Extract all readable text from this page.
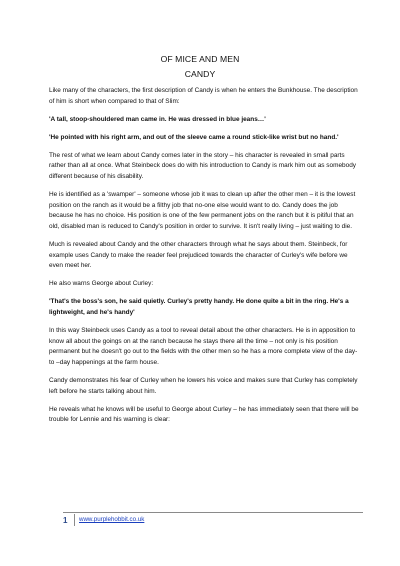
OF MICE AND MEN
CANDY

Like many of the characters, the first description of Candy is when he enters the Bunkhouse. The description of him is short when compared to that of Slim:

'A tall, stoop-shouldered man came in. He was dressed in blue jeans…'

'He pointed with his right arm, and out of the sleeve came a round stick-like wrist but no hand.'

The rest of what we learn about Candy comes later in the story – his character is revealed in small parts rather than all at once. What Steinbeck does do with his introduction to Candy is mark him out as somebody different because of his disability.

He is identified as a 'swamper' – someone whose job it was to clean up after the other men – it is the lowest position on the ranch as it would be a filthy job that no-one else would want to do. Candy does the job because he has no choice. His position is one of the few permanent jobs on the ranch but it is pitiful that an old, disabled man is reduced to Candy's position in order to survive. It isn't really living – just waiting to die.

Much is revealed about Candy and the other characters through what he says about them. Steinbeck, for example uses Candy to make the reader feel prejudiced towards the character of Curley's wife before we even meet her.

He also warns George about Curley:

'That's the boss's son, he said quietly. Curley's pretty handy. He done quite a bit in the ring. He's a lightweight, and he's handy'

In this way Steinbeck uses Candy as a tool to reveal detail about the other characters. He is in apposition to know all about the goings on at the ranch because he stays there all the time – not only is his position permanent but he doesn't go out to the fields with the other men so he has a more complete view of the day- to –day happenings at the farm house.

Candy demonstrates his fear of Curley when he lowers his voice and makes sure that Curley has completely left before he starts talking about him.

He reveals what he knows will be useful to George about Curley – he has immediately seen that there will be trouble for Lennie and his warning is clear:

1 www.purplehobbit.co.uk
